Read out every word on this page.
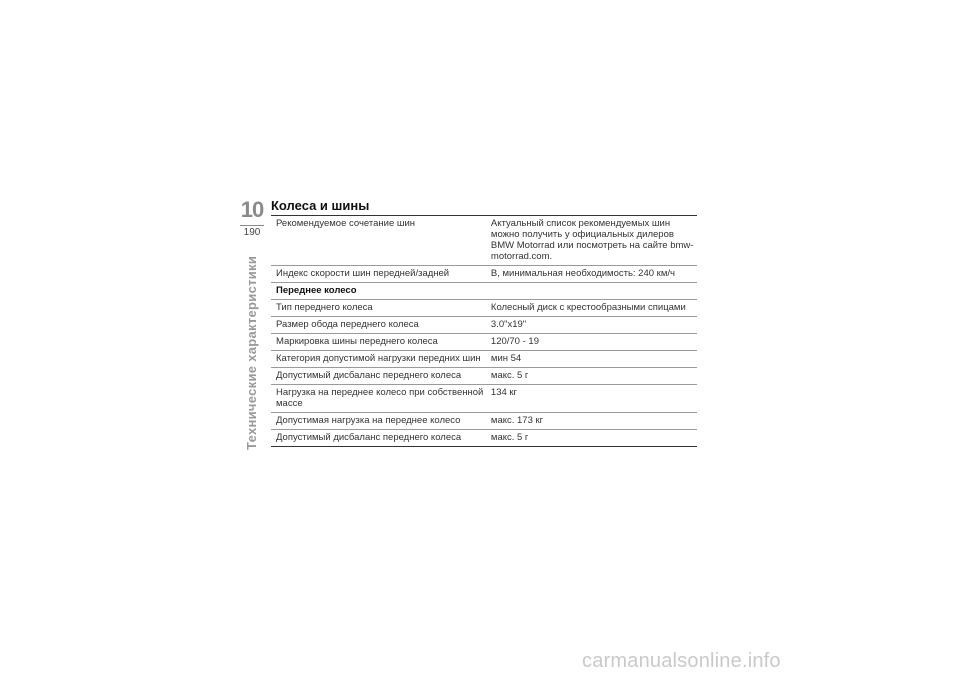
10
190
Технические характеристики
Колеса и шины
Рекомендуемое сочетание шин	Актуальный список рекомендуемых шин можно получить у официальных дилеров BMW Motorrad или посмотреть на сайте bmw-motorrad.com.
Индекс скорости шин передней/задней	В, минимальная необходимость: 240 км/ч
Переднее колесо	
Тип переднего колеса	Колесный диск с крестообразными спицами
Размер обода переднего колеса	3.0"x19"
Маркировка шины переднего колеса	120/70 - 19
Категория допустимой нагрузки передних шин	мин 54
Допустимый дисбаланс переднего колеса	макс. 5 г
Нагрузка на переднее колесо при собственной массе	134 кг
Допустимая нагрузка на переднее колесо	макс. 173 кг
Допустимый дисбаланс переднего колеса	макс. 5 г
carmanualsonline.info
